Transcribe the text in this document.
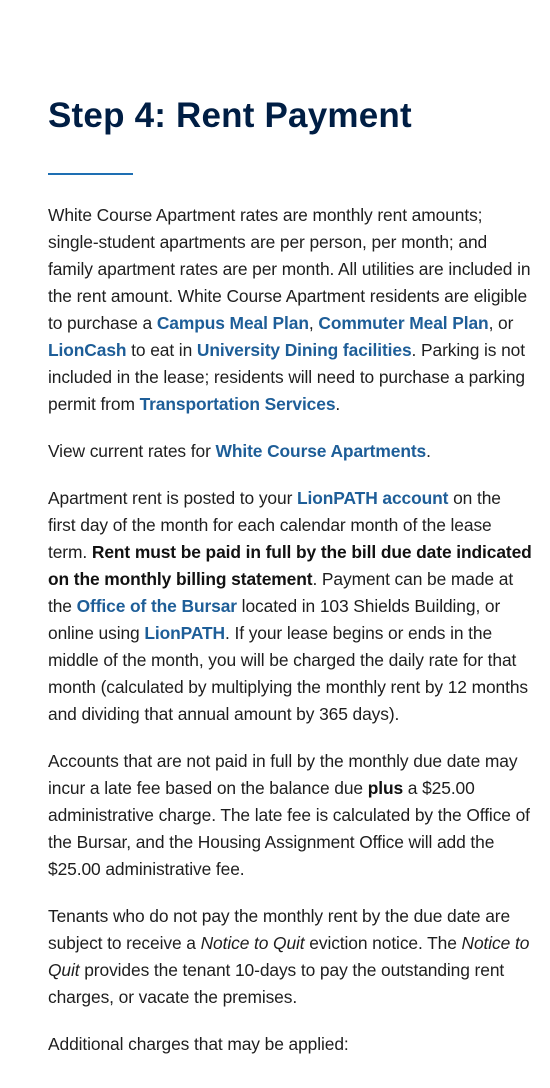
Step 4: Rent Payment

White Course Apartment rates are monthly rent amounts; single-student apartments are per person, per month; and family apartment rates are per month. All utilities are included in the rent amount. White Course Apartment residents are eligible to purchase a Campus Meal Plan, Commuter Meal Plan, or LionCash to eat in University Dining facilities. Parking is not included in the lease; residents will need to purchase a parking permit from Transportation Services.

View current rates for White Course Apartments.

Apartment rent is posted to your LionPATH account on the first day of the month for each calendar month of the lease term. Rent must be paid in full by the bill due date indicated on the monthly billing statement. Payment can be made at the Office of the Bursar located in 103 Shields Building, or online using LionPATH. If your lease begins or ends in the middle of the month, you will be charged the daily rate for that month (calculated by multiplying the monthly rent by 12 months and dividing that annual amount by 365 days).

Accounts that are not paid in full by the monthly due date may incur a late fee based on the balance due plus a $25.00 administrative charge. The late fee is calculated by the Office of the Bursar, and the Housing Assignment Office will add the $25.00 administrative fee.

Tenants who do not pay the monthly rent by the due date are subject to receive a Notice to Quit eviction notice. The Notice to Quit provides the tenant 10-days to pay the outstanding rent charges, or vacate the premises.

Additional charges that may be applied:
